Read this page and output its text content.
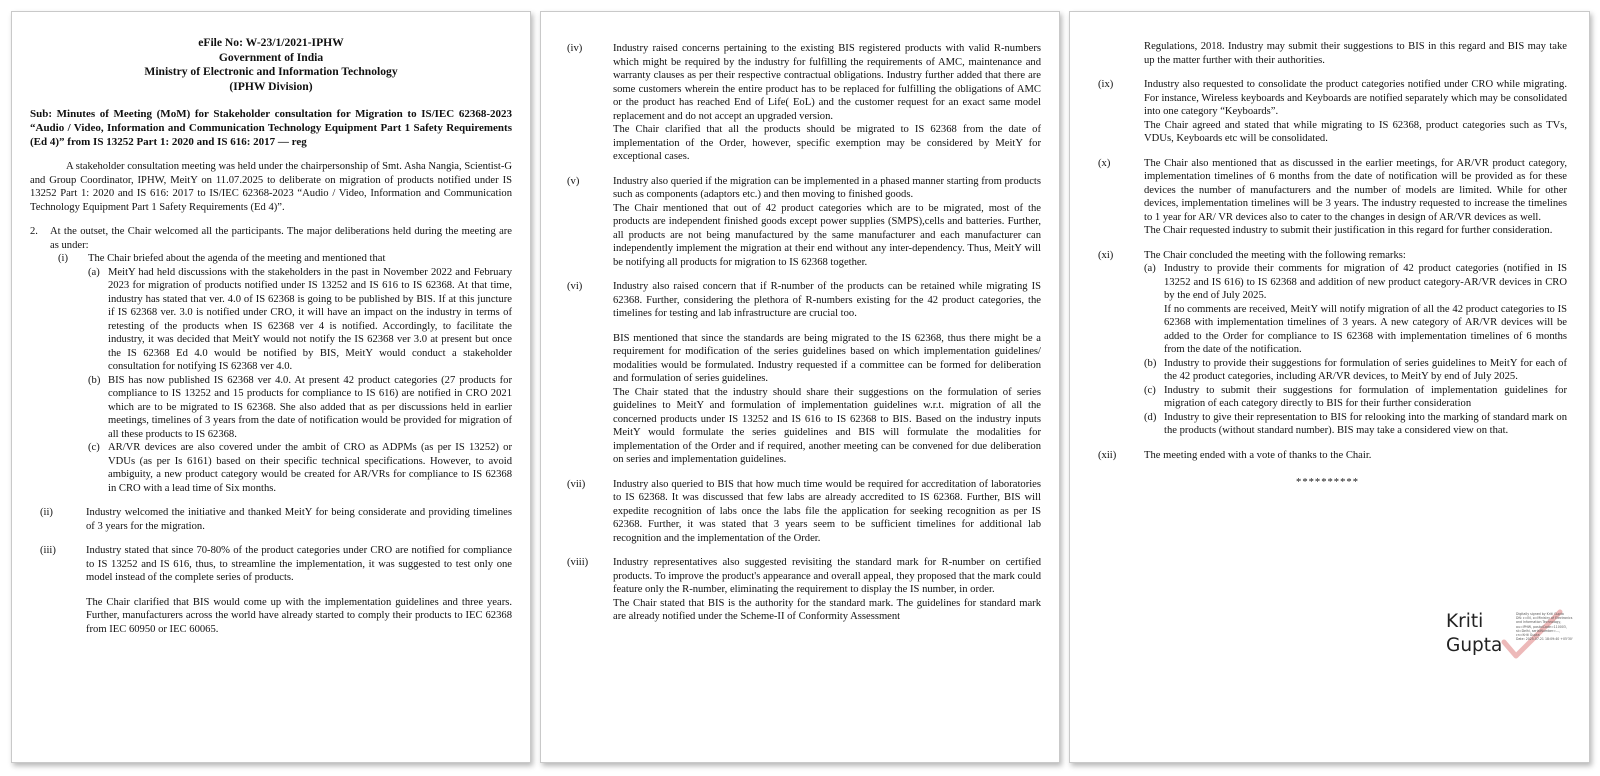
eFile No: W-23/1/2021-IPHW
Government of India
Ministry of Electronic and Information Technology
(IPHW Division)
Sub: Minutes of Meeting (MoM) for Stakeholder consultation for Migration to IS/IEC 62368-2023 “Audio / Video, Information and Communication Technology Equipment Part 1 Safety Requirements (Ed 4)” from IS 13252 Part 1: 2020 and IS 616: 2017 — reg
A stakeholder consultation meeting was held under the chairpersonship of Smt. Asha Nangia, Scientist-G and Group Coordinator, IPHW, MeitY on 11.07.2025 to deliberate on migration of products notified under IS 13252 Part 1: 2020 and IS 616: 2017 to IS/IEC 62368-2023 “Audio / Video, Information and Communication Technology Equipment Part 1 Safety Requirements (Ed 4)”.
2.	At the outset, the Chair welcomed all the participants. The major deliberations held during the meeting are as under:
(i)	The Chair briefed about the agenda of the meeting and mentioned that
(a) MeitY had held discussions with the stakeholders in the past in November 2022 and February 2023 for migration of products notified under IS 13252 and IS 616 to IS 62368. At that time, industry has stated that ver. 4.0 of IS 62368 is going to be published by BIS. If at this juncture if IS 62368 ver. 3.0 is notified under CRO, it will have an impact on the industry in terms of retesting of the products when IS 62368 ver 4 is notified. Accordingly, to facilitate the industry, it was decided that MeitY would not notify the IS 62368 ver 3.0 at present but once the IS 62368 Ed 4.0 would be notified by BIS, MeitY would conduct a stakeholder consultation for notifying IS 62368 ver 4.0.
(b) BIS has now published IS 62368 ver 4.0. At present 42 product categories (27 products for compliance to IS 13252 and 15 products for compliance to IS 616) are notified in CRO 2021 which are to be migrated to IS 62368. She also added that as per discussions held in earlier meetings, timelines of 3 years from the date of notification would be provided for migration of all these products to IS 62368.
(c) AR/VR devices are also covered under the ambit of CRO as ADPMs (as per IS 13252) or VDUs (as per Is 6161) based on their specific technical specifications. However, to avoid ambiguity, a new product category would be created for AR/VRs for compliance to IS 62368 in CRO with a lead time of Six months.
(ii)	Industry welcomed the initiative and thanked MeitY for being considerate and providing timelines of 3 years for the migration.
(iii)	Industry stated that since 70-80% of the product categories under CRO are notified for compliance to IS 13252 and IS 616, thus, to streamline the implementation, it was suggested to test only one model instead of the complete series of products.
The Chair clarified that BIS would come up with the implementation guidelines and three years. Further, manufacturers across the world have already started to comply their products to IEC 62368 from IEC 60950 or IEC 60065.
(iv)	Industry raised concerns pertaining to the existing BIS registered products with valid R-numbers which might be required by the industry for fulfilling the requirements of AMC, maintenance and warranty clauses as per their respective contractual obligations. Industry further added that there are some customers wherein the entire product has to be replaced for fulfilling the obligations of AMC or the product has reached End of Life( EoL) and the customer request for an exact same model replacement and do not accept an upgraded version.
The Chair clarified that all the products should be migrated to IS 62368 from the date of implementation of the Order, however, specific exemption may be considered by MeitY for exceptional cases.
(v)	Industry also queried if the migration can be implemented in a phased manner starting from products such as components (adaptors etc.) and then moving to finished goods.
The Chair mentioned that out of 42 product categories which are to be migrated, most of the products are independent finished goods except power supplies (SMPS),cells and batteries. Further, all products are not being manufactured by the same manufacturer and each manufacturer can independently implement the migration at their end without any inter-dependency. Thus, MeitY will be notifying all products for migration to IS 62368 together.
(vi)	Industry also raised concern that if R-number of the products can be retained while migrating IS 62368. Further, considering the plethora of R-numbers existing for the 42 product categories, the timelines for testing and lab infrastructure are crucial too.
BIS mentioned that since the standards are being migrated to the IS 62368, thus there might be a requirement for modification of the series guidelines based on which implementation guidelines/ modalities would be formulated. Industry requested if a committee can be formed for deliberation and formulation of series guidelines.
The Chair stated that the industry should share their suggestions on the formulation of series guidelines to MeitY and formulation of implementation guidelines w.r.t. migration of all the concerned products under IS 13252 and IS 616 to IS 62368 to BIS. Based on the industry inputs MeitY would formulate the series guidelines and BIS will formulate the modalities for implementation of the Order and if required, another meeting can be convened for due deliberation on series and implementation guidelines.
(vii)	Industry also queried to BIS that how much time would be required for accreditation of laboratories to IS 62368. It was discussed that few labs are already accredited to IS 62368. Further, BIS will expedite recognition of labs once the labs file the application for seeking recognition as per IS 62368. Further, it was stated that 3 years seem to be sufficient timelines for additional lab recognition and the implementation of the Order.
(viii)	Industry representatives also suggested revisiting the standard mark for R-number on certified products. To improve the product's appearance and overall appeal, they proposed that the mark could feature only the R-number, eliminating the requirement to display the IS number, in order.
The Chair stated that BIS is the authority for the standard mark. The guidelines for standard mark are already notified under the Scheme-II of Conformity Assessment
Regulations, 2018. Industry may submit their suggestions to BIS in this regard and BIS may take up the matter further with their authorities.
(ix)	Industry also requested to consolidate the product categories notified under CRO while migrating. For instance, Wireless keyboards and Keyboards are notified separately which may be consolidated into one category “Keyboards”.
The Chair agreed and stated that while migrating to IS 62368, product categories such as TVs, VDUs, Keyboards etc will be consolidated.
(x)	The Chair also mentioned that as discussed in the earlier meetings, for AR/VR product category, implementation timelines of 6 months from the date of notification will be provided as for these devices the number of manufacturers and the number of models are limited. While for other devices, implementation timelines will be 3 years. The industry requested to increase the timelines to 1 year for AR/ VR devices also to cater to the changes in design of AR/VR devices as well.
The Chair requested industry to submit their justification in this regard for further consideration.
(xi)	The Chair concluded the meeting with the following remarks:
(a) Industry to provide their comments for migration of 42 product categories (notified in IS 13252 and IS 616) to IS 62368 and addition of new product category-AR/VR devices in CRO by the end of July 2025.
If no comments are received, MeitY will notify migration of all the 42 product categories to IS 62368 with implementation timelines of 3 years. A new category of AR/VR devices will be added to the Order for compliance to IS 62368 with implementation timelines of 6 months from the date of the notification.
(b) Industry to provide their suggestions for formulation of series guidelines to MeitY for each of the 42 product categories, including AR/VR devices, to MeitY by end of July 2025.
(c) Industry to submit their suggestions for formulation of implementation guidelines for migration of each category directly to BIS for their further consideration
(d) Industry to give their representation to BIS for relooking into the marking of standard mark on the products (without standard number). BIS may take a considered view on that.
(xii)	The meeting ended with a vote of thanks to the Chair.
**********
Kriti
Gupta
Digitally signed by Kriti Gupta
DN: c=IN, o=Ministry of Electronics
and Information Technology,
ou=IPHW, postalCode=110003,
st=Delhi, serialNumber=...,
cn=Kriti Gupta
Date: 2025.07.21 18:09:40 +05'30'
